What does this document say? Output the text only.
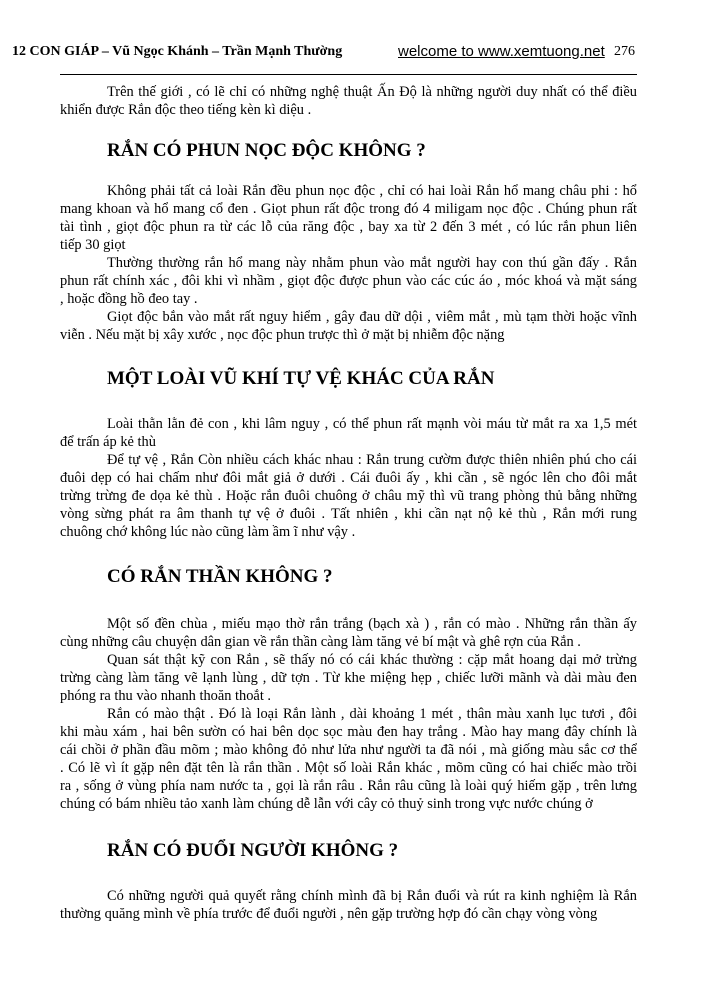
12 CON GIÁP – Vũ Ngọc Khánh – Trần Mạnh Thường	welcome to www.xemtuong.net 276
Trên thế giới , có lẽ chỉ có những nghệ thuật Ấn Độ là những người duy nhất có thể điều
khiển được Rắn độc theo tiếng kèn kì diệu .
RẮN CÓ PHUN NỌC ĐỘC KHÔNG ?
Không phải tất cả loài Rắn đều phun nọc độc , chỉ có hai loài Rắn hổ mang châu phi : hổ
mang khoan và hổ mang cổ đen . Giọt phun rất độc trong đó 4 miligam nọc độc . Chúng phun rất
tài tình , giọt độc phun ra từ các lỗ của răng độc , bay xa từ 2 đến 3 mét , có lúc rắn phun liên
tiếp 30 giọt
Thường thường rắn hổ mang này nhằm phun vào mắt người hay con thú gần đấy . Rắn
phun rất chính xác , đôi khi vì nhầm , giọt độc được phun vào các cúc áo , móc khoá và mặt sáng
, hoặc đồng hồ đeo tay .
Giọt độc bắn vào mắt rất nguy hiểm , gây đau dữ dội , viêm mắt , mù tạm thời hoặc vĩnh
viễn . Nếu mặt bị xây xước , nọc độc phun trược thì ở mặt bị nhiễm độc nặng
MỘT LOÀI VŨ KHÍ TỰ VỆ KHÁC CỦA RẮN
Loài thằn lằn đẻ con , khi lâm nguy , có thể phun rất mạnh vòi máu từ mắt ra xa 1,5 mét
để trấn áp kẻ thù
Để tự vệ , Rắn Còn nhiều cách khác nhau : Rắn trung cườm được thiên nhiên phú cho cái
đuôi dẹp có hai chấm như đôi mắt giả ở dưới . Cái đuôi ấy , khi cần , sẽ ngóc lên cho đôi mắt
trừng trừng đe dọa kẻ thù . Hoặc rắn đuôi chuông ở châu mỹ thì vũ trang phòng thủ bằng những
vòng sừng phát ra âm thanh tự vệ ở đuôi . Tất nhiên , khi cần nạt nộ kẻ thù , Rắn mới rung
chuông chớ không lúc nào cũng làm ầm ĩ như vậy .
CÓ RẮN THẦN KHÔNG ?
Một số đền chùa , miếu mạo thờ rắn trắng (bạch xà ) , rắn có mào . Những rắn thần ấy
cùng những câu chuyện dân gian về rắn thần càng làm tăng vẻ bí mật và ghê rợn của Rắn .
Quan sát thật kỹ con Rắn , sẽ thấy nó có cái khác thường : cặp mắt hoang dại mở trừng
trừng càng làm tăng vẽ lạnh lùng , dữ tợn . Từ khe miệng hẹp , chiếc lưỡi mãnh và dài màu đen
phóng ra thu vào nhanh thoăn thoắt .
Rắn có mào thật . Đó là loại Rắn lành , dài khoảng 1 mét , thân màu xanh lục tươi , đôi
khi màu xám , hai bên sườn có hai bên dọc sọc màu đen hay trắng . Mào hay mang đây chính là
cái chồi ở phần đầu mõm ; mào không đỏ như lửa như người ta đã nói , mà giống màu sắc cơ thể
. Có lẽ vì ít gặp nên đặt tên là rắn thần . Một số loài Rắn khác , mõm cũng có hai chiếc mào trồi
ra , sống ở vùng phía nam nước ta , gọi là rắn râu . Rắn râu cũng là loài quý hiếm gặp , trên lưng
chúng có bám nhiều tảo xanh làm chúng dễ lẫn với cây cỏ thuỷ sinh trong vực nước chúng ở
RẮN CÓ ĐUỔI NGƯỜI KHÔNG ?
Có những người quả quyết rằng chính mình đã bị Rắn đuổi và rút ra kinh nghiệm là Rắn
thường quăng mình về phía trước để đuổi người , nên gặp trường hợp đó cần chạy vòng vòng
